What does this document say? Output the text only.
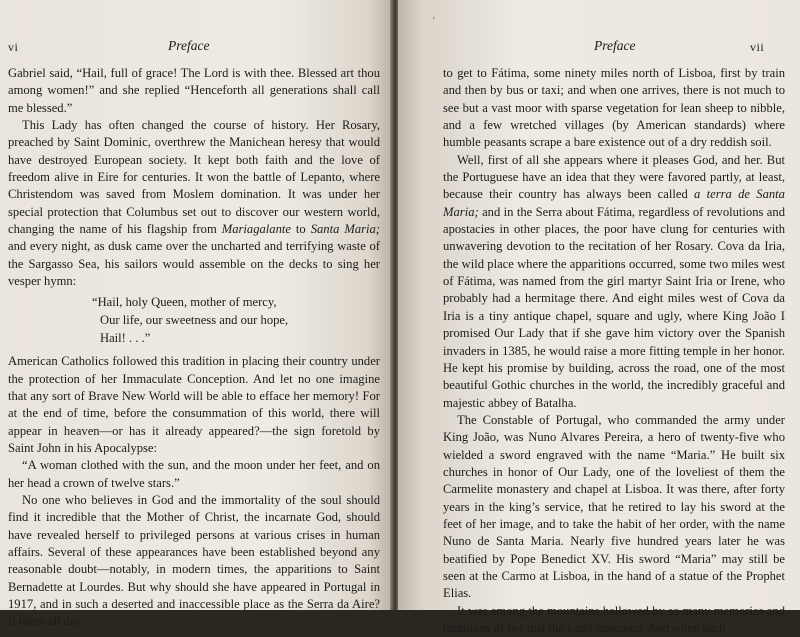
vi	Preface

Gabriel said, “Hail, full of grace! The Lord is with thee. Blessed art thou among women!” and she replied “Henceforth all generations shall call me blessed.”

This Lady has often changed the course of history. Her Rosary, preached by Saint Dominic, overthrew the Manichean heresy that would have destroyed European society. It kept both faith and the love of freedom alive in Eire for centuries. It won the battle of Lepanto, where Christendom was saved from Moslem domination. It was under her special protection that Columbus set out to discover our western world, changing the name of his flagship from Mariagalante to Santa Maria; and every night, as dusk came over the uncharted and terrifying waste of the Sargasso Sea, his sailors would assemble on the decks to sing her vesper hymn:

“Hail, holy Queen, mother of mercy,
Our life, our sweetness and our hope,
Hail! . . .”

American Catholics followed this tradition in placing their country under the protection of her Immaculate Conception. And let no one imagine that any sort of Brave New World will be able to efface her memory! For at the end of time, before the consummation of this world, there will appear in heaven—or has it already appeared?—the sign foretold by Saint John in his Apocalypse:

“A woman clothed with the sun, and the moon under her feet, and on her head a crown of twelve stars.”

No one who believes in God and the immortality of the soul should find it incredible that the Mother of Christ, the incarnate God, should have revealed herself to privileged persons at various crises in human affairs. Several of these appearances have been established beyond any reasonable doubt—notably, in modern times, the apparitions to Saint Bernadette at Lourdes. But why should she have appeared in Portugal in 1917, and in such a deserted and inaccessible place as the Serra da Aire? It takes all day

’
Preface	vii

to get to Fátima, some ninety miles north of Lisboa, first by train and then by bus or taxi; and when one arrives, there is not much to see but a vast moor with sparse vegetation for lean sheep to nibble, and a few wretched villages (by American standards) where humble peasants scrape a bare existence out of a dry reddish soil.

Well, first of all she appears where it pleases God, and her. But the Portuguese have an idea that they were favored partly, at least, because their country has always been called a terra de Santa Maria; and in the Serra about Fátima, regardless of revolutions and apostacies in other places, the poor have clung for centuries with unwavering devotion to the recitation of her Rosary. Cova da Iria, the wild place where the apparitions occurred, some two miles west of Fátima, was named from the girl martyr Saint Iria or Irene, who probably had a hermitage there. And eight miles west of Cova da Iria is a tiny antique chapel, square and ugly, where King João I promised Our Lady that if she gave him victory over the Spanish invaders in 1385, he would raise a more fitting temple in her honor. He kept his promise by building, across the road, one of the most beautiful Gothic churches in the world, the incredibly graceful and majestic abbey of Batalha.

The Constable of Portugal, who commanded the army under King João, was Nuno Alvares Pereira, a hero of twenty-five who wielded a sword engraved with the name “Maria.” He built six churches in honor of Our Lady, one of the loveliest of them the Carmelite monastery and chapel at Lisboa. It was there, after forty years in the king’s service, that he retired to lay his sword at the feet of her image, and to take the habit of her order, with the name Nuno de Santa Maria. Nearly five hundred years later he was beatified by Pope Benedict XV. His sword “Maria” may still be seen at the Carmo at Lisboa, in the hand of a statue of the Prophet Elias.

It was among the mountains hallowed by so many memories and traditions of her that the Lady appeared. And when such
